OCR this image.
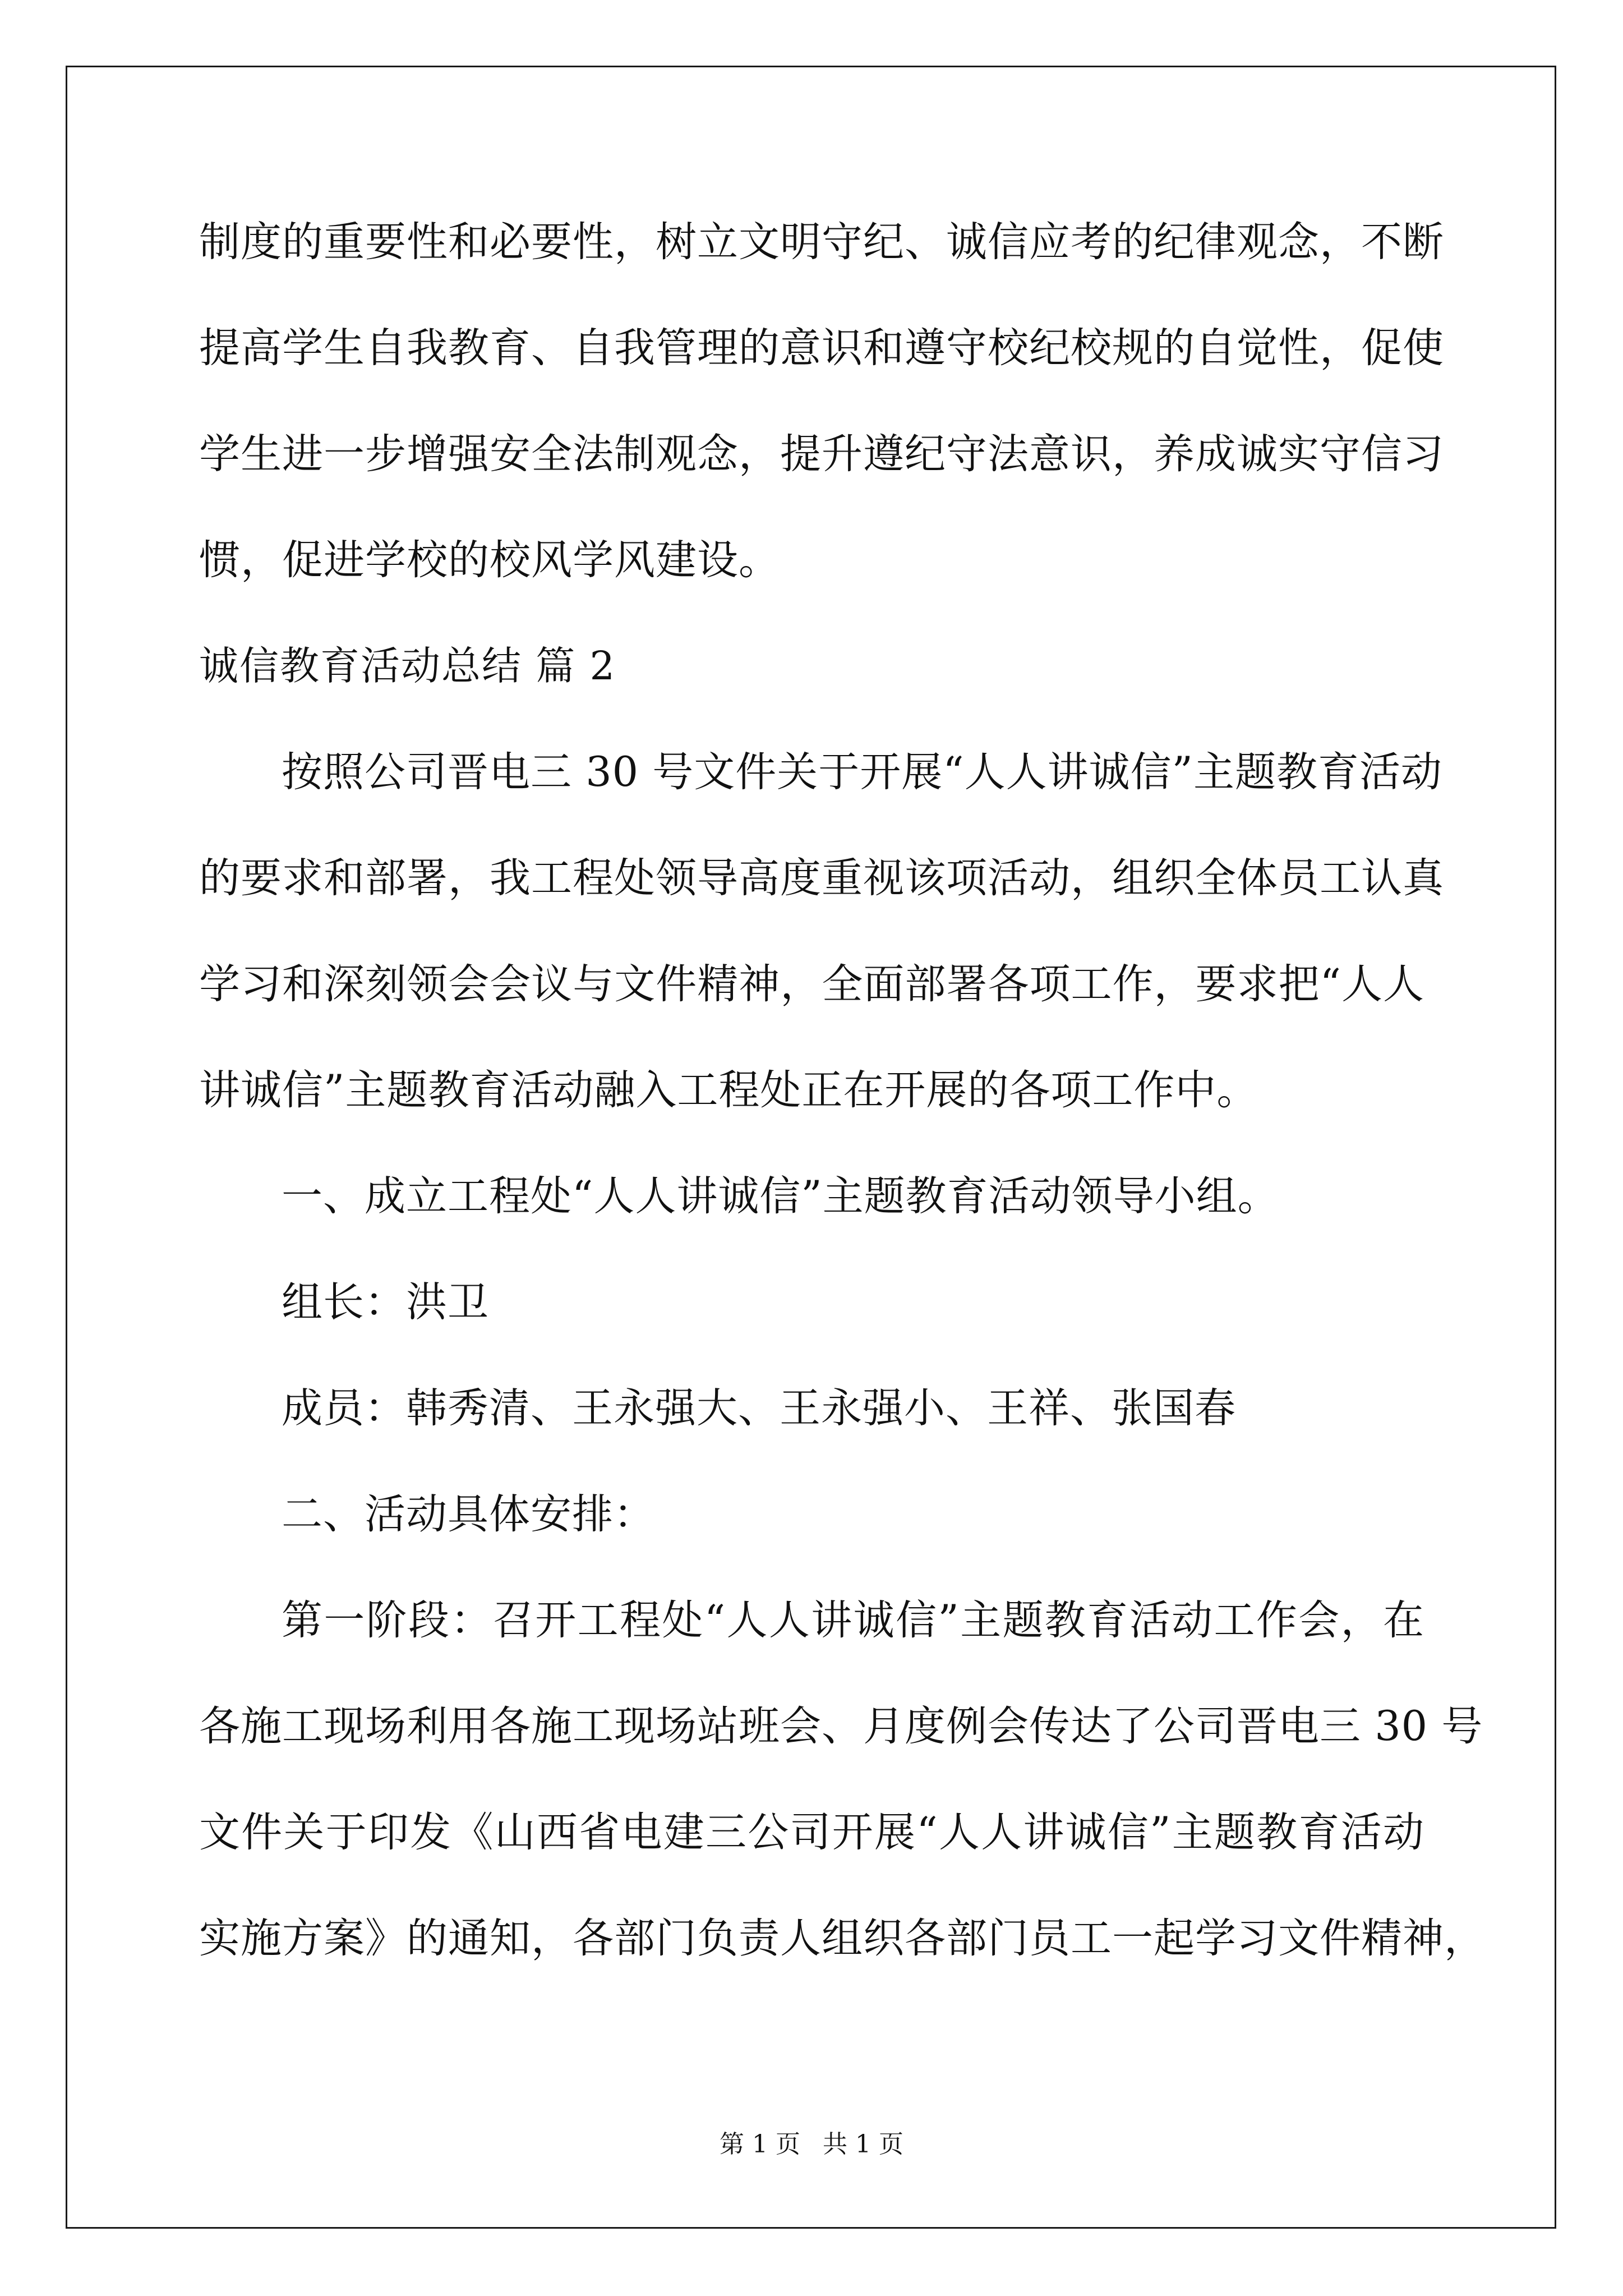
制度的重要性和必要性，树立文明守纪、诚信应考的纪律观念，不断
提高学生自我教育、自我管理的意识和遵守校纪校规的自觉性，促使
学生进一步增强安全法制观念，提升遵纪守法意识，养成诚实守信习
惯，促进学校的校风学风建设。
诚信教育活动总结 篇 2
按照公司晋电三 30 号文件关于开展“人人讲诚信”主题教育活动
的要求和部署，我工程处领导高度重视该项活动，组织全体员工认真
学习和深刻领会会议与文件精神，全面部署各项工作，要求把“人人
讲诚信”主题教育活动融入工程处正在开展的各项工作中。
一、成立工程处“人人讲诚信”主题教育活动领导小组。
组长：洪卫
成员：韩秀清、王永强大、王永强小、王祥、张国春
二、活动具体安排：
第一阶段：召开工程处“人人讲诚信”主题教育活动工作会，在
各施工现场利用各施工现场站班会、月度例会传达了公司晋电三 30 号
文件关于印发《山西省电建三公司开展“人人讲诚信”主题教育活动
实施方案》的通知，各部门负责人组织各部门员工一起学习文件精神，
第 1 页 共 1 页
